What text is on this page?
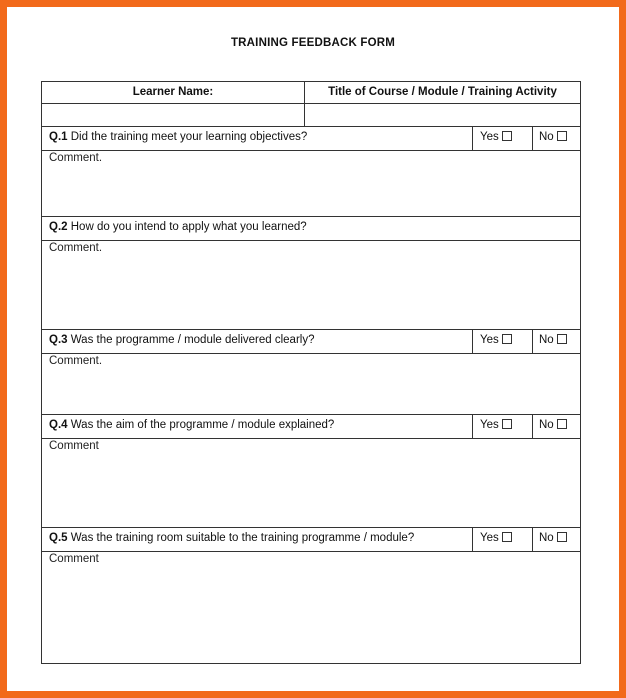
TRAINING FEEDBACK FORM
Learner Name:	Title of Course / Module / Training Activity
Q.1 Did the training meet your learning objectives?	Yes	No
Comment.
Q.2 How do you intend to apply what you learned?
Comment.
Q.3 Was the programme / module delivered clearly?	Yes	No
Comment.
Q.4 Was the aim of the programme / module explained?	Yes	No
Comment
Q.5 Was the training room suitable to the training programme / module?	Yes	No
Comment
